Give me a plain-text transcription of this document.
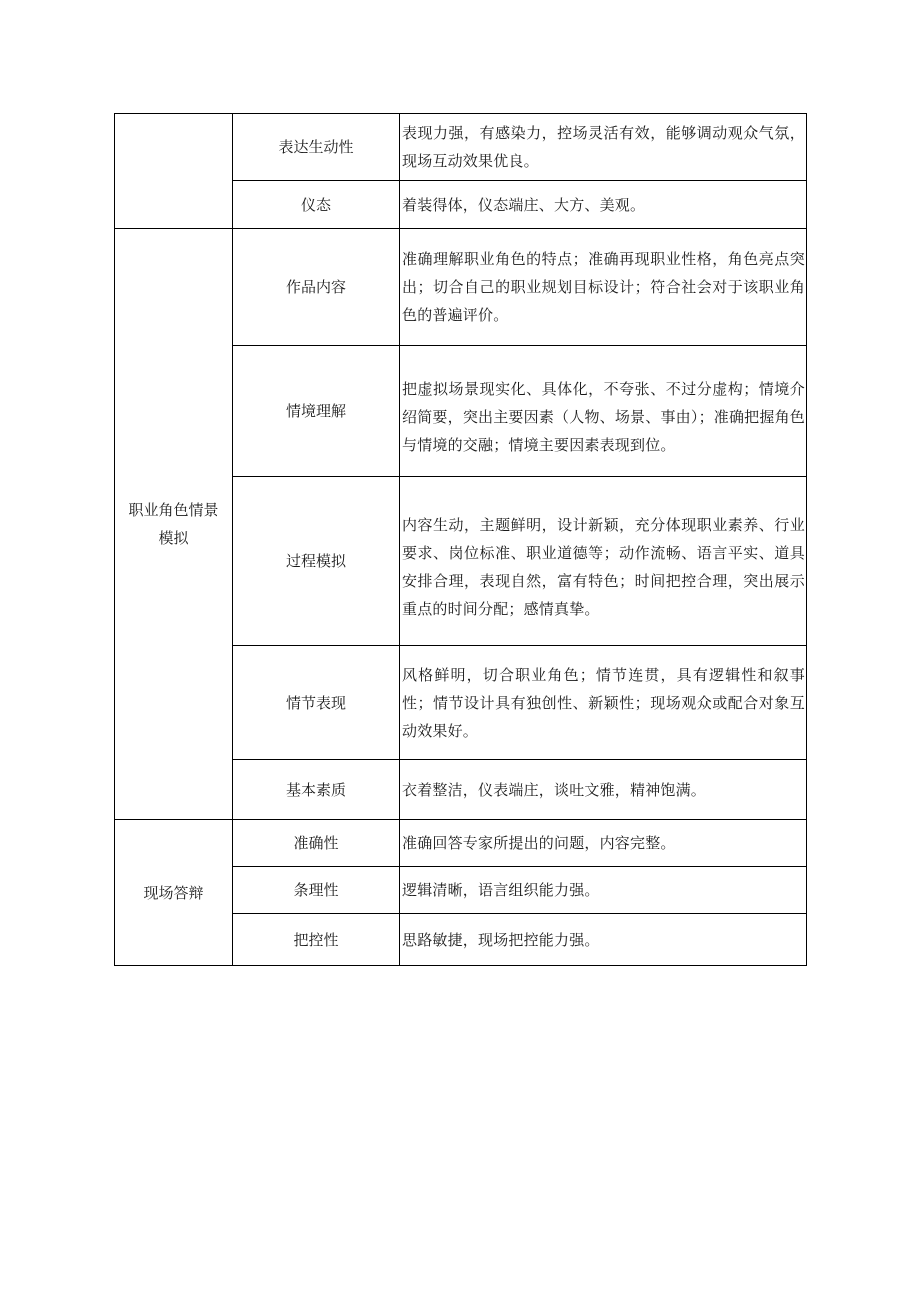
	表达生动性	表现力强，有感染力，控场灵活有效，能够调动观众气氛，现场互动效果优良。
	仪态	着装得体，仪态端庄、大方、美观。
职业角色情景模拟	作品内容	准确理解职业角色的特点；准确再现职业性格，角色亮点突出；切合自己的职业规划目标设计；符合社会对于该职业角色的普遍评价。
	情境理解	把虚拟场景现实化、具体化，不夸张、不过分虚构；情境介绍简要，突出主要因素（人物、场景、事由）；准确把握角色与情境的交融；情境主要因素表现到位。
	过程模拟	内容生动，主题鲜明，设计新颖，充分体现职业素养、行业要求、岗位标准、职业道德等；动作流畅、语言平实、道具安排合理，表现自然，富有特色；时间把控合理，突出展示重点的时间分配；感情真挚。
	情节表现	风格鲜明，切合职业角色；情节连贯，具有逻辑性和叙事性；情节设计具有独创性、新颖性；现场观众或配合对象互动效果好。
	基本素质	衣着整洁，仪表端庄，谈吐文雅，精神饱满。
现场答辩	准确性	准确回答专家所提出的问题，内容完整。
	条理性	逻辑清晰，语言组织能力强。
	把控性	思路敏捷，现场把控能力强。
